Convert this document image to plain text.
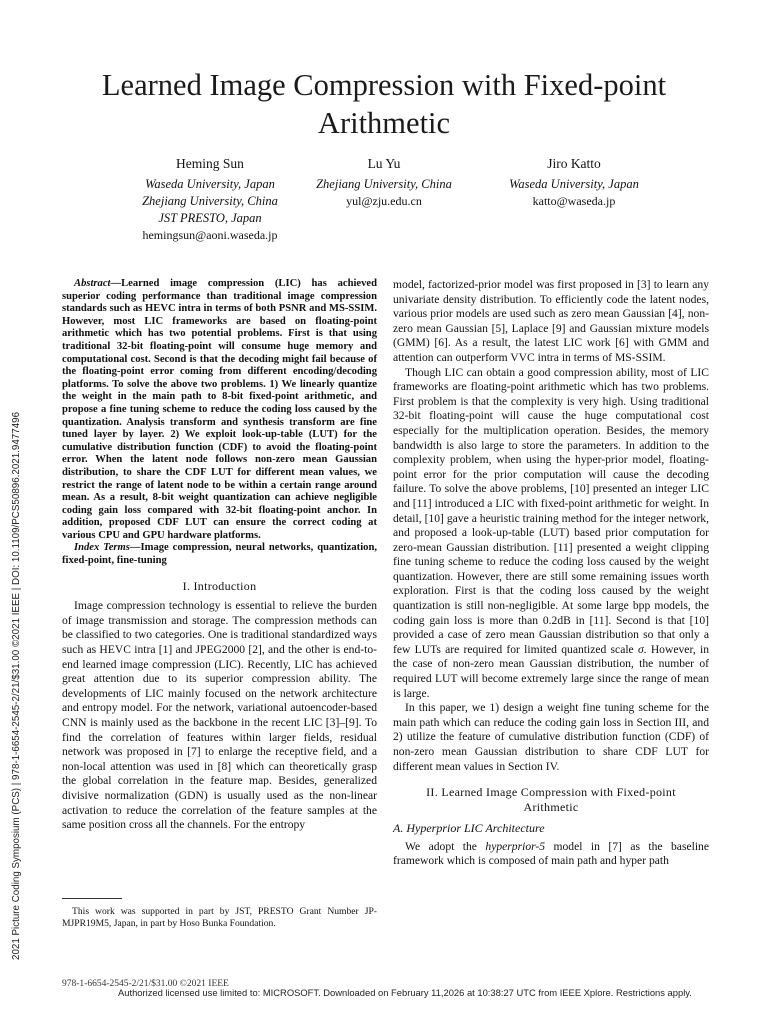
Learned Image Compression with Fixed-point Arithmetic
Heming Sun
Waseda University, Japan
Zhejiang University, China
JST PRESTO, Japan
hemingsun@aoni.waseda.jp
Lu Yu
Zhejiang University, China
yul@zju.edu.cn
Jiro Katto
Waseda University, Japan
katto@waseda.jp

Abstract—Learned image compression (LIC) has achieved superior coding performance than traditional image compression standards such as HEVC intra in terms of both PSNR and MS-SSIM. However, most LIC frameworks are based on floating-point arithmetic which has two potential problems. First is that using traditional 32-bit floating-point will consume huge memory and computational cost. Second is that the decoding might fail because of the floating-point error coming from different encoding/decoding platforms. To solve the above two problems. 1) We linearly quantize the weight in the main path to 8-bit fixed-point arithmetic, and propose a fine tuning scheme to reduce the coding loss caused by the quantization. Analysis transform and synthesis transform are fine tuned layer by layer. 2) We exploit look-up-table (LUT) for the cumulative distribution function (CDF) to avoid the floating-point error. When the latent node follows non-zero mean Gaussian distribution, to share the CDF LUT for different mean values, we restrict the range of latent node to be within a certain range around mean. As a result, 8-bit weight quantization can achieve negligible coding gain loss compared with 32-bit floating-point anchor. In addition, proposed CDF LUT can ensure the correct coding at various CPU and GPU hardware platforms.

Index Terms—Image compression, neural networks, quantization, fixed-point, fine-tuning

I. Introduction

Image compression technology is essential to relieve the burden of image transmission and storage. The compression methods can be classified to two categories. One is traditional standardized ways such as HEVC intra [1] and JPEG2000 [2], and the other is end-to-end learned image compression (LIC). Recently, LIC has achieved great attention due to its superior compression ability. The developments of LIC mainly focused on the network architecture and entropy model. For the network, variational autoencoder-based CNN is mainly used as the backbone in the recent LIC [3]–[9]. To find the correlation of features within larger fields, residual network was proposed in [7] to enlarge the receptive field, and a non-local attention was used in [8] which can theoretically grasp the global correlation in the feature map. Besides, generalized divisive normalization (GDN) is usually used as the non-linear activation to reduce the correlation of the feature samples at the same position cross all the channels. For the entropy

This work was supported in part by JST, PRESTO Grant Number JP-MJPR19M5, Japan, in part by Hoso Bunka Foundation.

model, factorized-prior model was first proposed in [3] to learn any univariate density distribution. To efficiently code the latent nodes, various prior models are used such as zero mean Gaussian [4], non-zero mean Gaussian [5], Laplace [9] and Gaussian mixture models (GMM) [6]. As a result, the latest LIC work [6] with GMM and attention can outperform VVC intra in terms of MS-SSIM.

Though LIC can obtain a good compression ability, most of LIC frameworks are floating-point arithmetic which has two problems. First problem is that the complexity is very high. Using traditional 32-bit floating-point will cause the huge computational cost especially for the multiplication operation. Besides, the memory bandwidth is also large to store the parameters. In addition to the complexity problem, when using the hyper-prior model, floating-point error for the prior computation will cause the decoding failure. To solve the above problems, [10] presented an integer LIC and [11] introduced a LIC with fixed-point arithmetic for weight. In detail, [10] gave a heuristic training method for the integer network, and proposed a look-up-table (LUT) based prior computation for zero-mean Gaussian distribution. [11] presented a weight clipping fine tuning scheme to reduce the coding loss caused by the weight quantization. However, there are still some remaining issues worth exploration. First is that the coding loss caused by the weight quantization is still non-negligible. At some large bpp models, the coding gain loss is more than 0.2dB in [11]. Second is that [10] provided a case of zero mean Gaussian distribution so that only a few LUTs are required for limited quantized scale σ. However, in the case of non-zero mean Gaussian distribution, the number of required LUT will become extremely large since the range of mean is large.

In this paper, we 1) design a weight fine tuning scheme for the main path which can reduce the coding gain loss in Section III, and 2) utilize the feature of cumulative distribution function (CDF) of non-zero mean Gaussian distribution to share CDF LUT for different mean values in Section IV.

II. Learned Image Compression with Fixed-point
Arithmetic
A. Hyperprior LIC Architecture

We adopt the hyperprior-5 model in [7] as the baseline framework which is composed of main path and hyper path

2021 Picture Coding Symposium (PCS) | 978-1-6654-2545-2/21/$31.00 ©2021 IEEE | DOI: 10.1109/PCS50896.2021.9477496
978-1-6654-2545-2/21/$31.00 ©2021 IEEE
Authorized licensed use limited to: MICROSOFT. Downloaded on February 11,2026 at 10:38:27 UTC from IEEE Xplore. Restrictions apply.
